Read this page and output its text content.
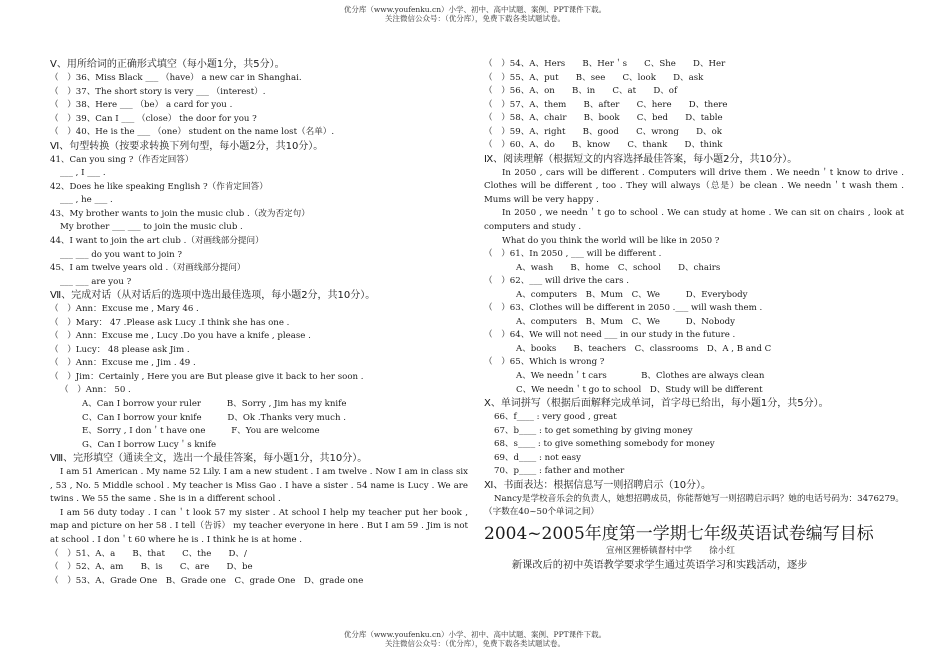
优分库（www.youfenku.cn）小学、初中、高中试题、案例、PPT课件下载。
关注微信公众号：（优分库），免费下载各类试题试卷。
Ⅴ、用所给词的正确形式填空（每小题1分，共5分）。
（　）36、Miss Black ___ （have） a new car in Shanghai.
（　）37、The short story is very ___ （interest）.
（　）38、Here ___ （be） a card for you .
（　）39、Can I ___ （close） the door for you ?
（　）40、He is the ___ （one） student on the name lost（名单）.
Ⅵ、句型转换（按要求转换下列句型，每小题2分，共10分）。
41、Can you sing ?（作否定回答）
___ , I ___ .
42、Does he like speaking English ?（作肯定回答）
___ , he ___ .
43、My brother wants to join the music club .（改为否定句）
My brother ___ ___ to join the music club .
44、I want to join the art club .（对画线部分提问）
___ ___ do you want to join ?
45、I am twelve years old .（对画线部分提问）
___ ___ are you ?
Ⅶ、完成对话（从对话后的选项中选出最佳选项，每小题2分，共10分）。
（　）Ann：Excuse me , Mary 46 .
（　）Mary： 47 .Please ask Lucy .I think she has one .
（　）Ann：Excuse me , Lucy .Do you have a knife , please .
（　）Lucy： 48 please ask Jim .
（　）Ann：Excuse me , Jim . 49 .
（　）Jim：Certainly , Here you are But please give it back to her soon .
（　）Ann： 50 .
A、Can I borrow your ruler　　　B、Sorry , Jim has my knife
C、Can I borrow your knife　　　D、Ok .Thanks very much .
E、Sorry , I don＇t have one　　　F、You are welcome
G、Can I borrow Lucy＇s knife
Ⅷ、完形填空（通读全文，选出一个最佳答案，每小题1分，共10分）。
I am 51 American . My name 52 Lily. I am a new student . I am twelve . Now I am in class six , 53 , No. 5 Middle school . My teacher is Miss Gao . I have a sister . 54 name is Lucy . We are twins . We 55 the same . She is in a different school .
I am 56 duty today . I can＇t look 57 my sister . At school I help my teacher put her book , map and picture on her 58 . I tell（告诉） my teacher everyone in here . But I am 59 . Jim is not at school . I don＇t 60 where he is . I think he is at home .
（　）51、A、a　　B、that　　C、the　　D、/
（　）52、A、am　　B、is　　C、are　　D、be
（　）53、A、Grade One　B、Grade one　C、grade One　D、grade one
（　）54、A、Hers　　B、Her＇s　　C、She　　D、Her
（　）55、A、put　　B、see　　C、look　　D、ask
（　）56、A、on　　B、in　　C、at　　D、of
（　）57、A、them　　B、after　　C、here　　D、there
（　）58、A、chair　　B、book　　C、bed　　D、table
（　）59、A、right　　B、good　　C、wrong　　D、ok
（　）60、A、do　　B、know　　C、thank　　D、think
Ⅸ、阅读理解（根据短文的内容选择最佳答案，每小题2分，共10分）。
In 2050 , cars will be different . Computers will drive them . We needn＇t know to drive . Clothes will be different , too . They will always（总是）be clean . We needn＇t wash them . Mums will be very happy .
In 2050 , we needn＇t go to school . We can study at home . We can sit on chairs , look at computers and study .
What do you think the world will be like in 2050 ?
（　）61、In 2050 , ___ will be different .
A、wash　　B、home　C、school　　D、chairs
（　）62、___ will drive the cars .
A、computers　B、Mum　C、We　　　D、Everybody
（　）63、Clothes will be different in 2050 .___ will wash them .
A、computers　B、Mum　C、We　　　D、Nobody
（　）64、We will not need ___ in our study in the future .
A、books　　B、teachers　C、classrooms　D、A , B and C
（　）65、Which is wrong ?
A、We needn＇t cars　　　　B、Clothes are always clean
C、We needn＇t go to school　D、Study will be different
Ⅹ、单词拼写（根据后面解释完成单词，首字母已给出，每小题1分，共5分）。
66、f____ : very good , great
67、b____ : to get something by giving money
68、s____ : to give something somebody for money
69、d____ : not easy
70、p____ : father and mother
Ⅺ、书面表达：根据信息写一则招聘启示（10分）。
Nancy是学校音乐会的负责人，她想招聘成员，你能帮她写一则招聘启示吗？她的电话号码为：3476279。（字数在40~50个单词之间）
2004~2005年度第一学期七年级英语试卷编写目标
宣州区狸桥镇督村中学　　徐小红
新课改后的初中英语教学要求学生通过英语学习和实践活动，逐步
优分库（www.youfenku.cn）小学、初中、高中试题、案例、PPT课件下载。
关注微信公众号：（优分库），免费下载各类试题试卷。
